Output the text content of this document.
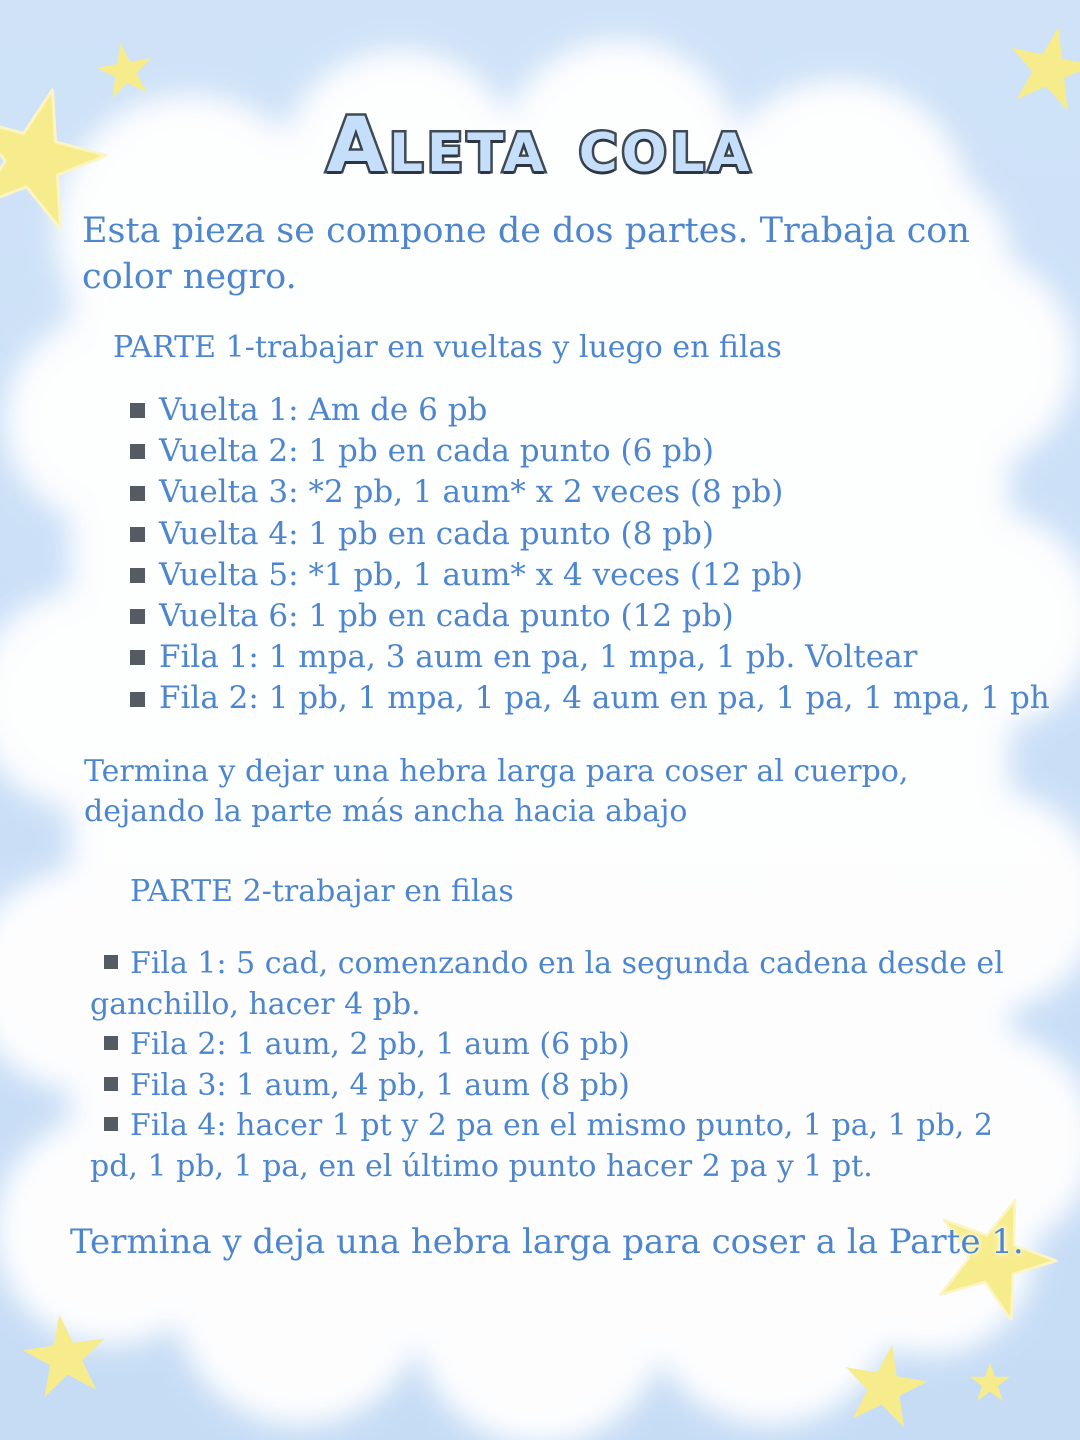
Aleta cola
Esta pieza se compone de dos partes. Trabaja con color negro.
PARTE 1-trabajar en vueltas y luego en filas
Vuelta 1: Am de 6 pb
Vuelta 2: 1 pb en cada punto (6 pb)
Vuelta 3: *2 pb, 1 aum* x 2 veces (8 pb)
Vuelta 4: 1 pb en cada punto (8 pb)
Vuelta 5: *1 pb, 1 aum* x 4 veces (12 pb)
Vuelta 6: 1 pb en cada punto (12 pb)
Fila 1: 1 mpa, 3 aum en pa, 1 mpa, 1 pb. Voltear
Fila 2: 1 pb, 1 mpa, 1 pa, 4 aum en pa, 1 pa, 1 mpa, 1 ph
Termina y dejar una hebra larga para coser al cuerpo, dejando la parte más ancha hacia abajo
PARTE 2-trabajar en filas
Fila 1: 5 cad, comenzando en la segunda cadena desde el ganchillo, hacer 4 pb.
Fila 2: 1 aum, 2 pb, 1 aum (6 pb)
Fila 3: 1 aum, 4 pb, 1 aum (8 pb)
Fila 4: hacer 1 pt y 2 pa en el mismo punto, 1 pa, 1 pb, 2 pd, 1 pb, 1 pa, en el último punto hacer 2 pa y 1 pt.
Termina y deja una hebra larga para coser a la Parte 1.
